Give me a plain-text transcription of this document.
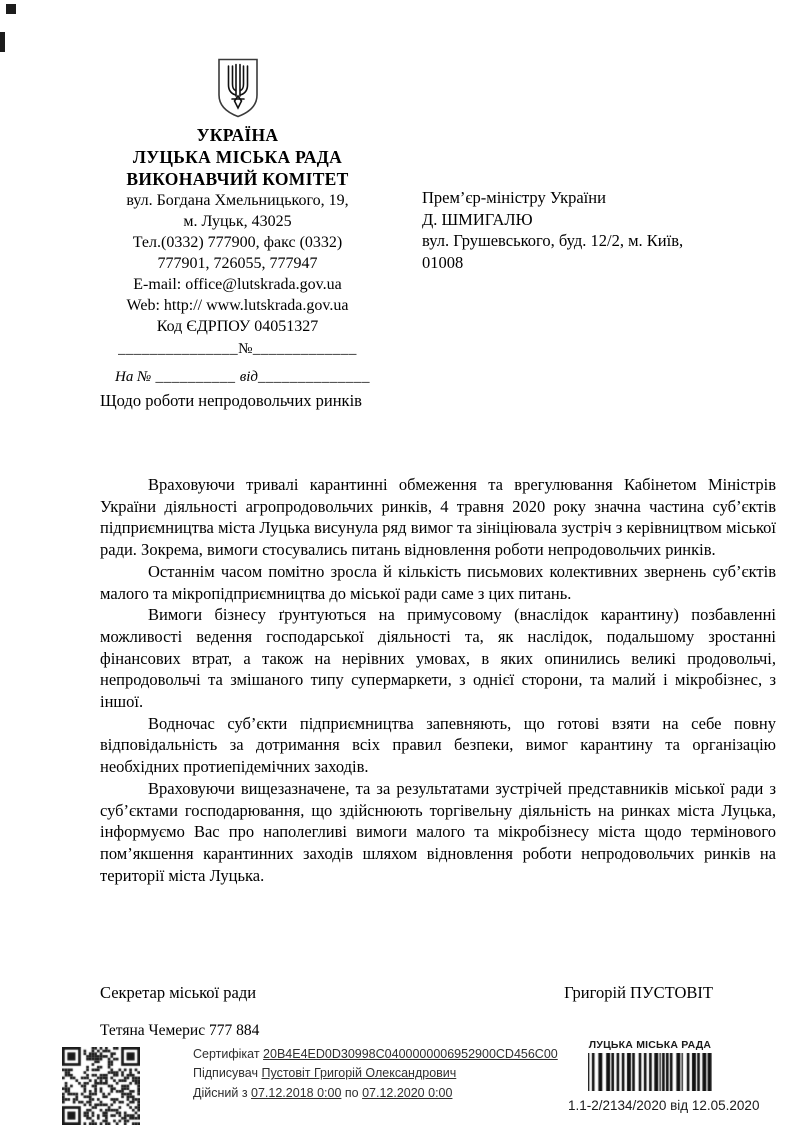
УКРАЇНА
ЛУЦЬКА МІСЬКА РАДА
ВИКОНАВЧИЙ КОМІТЕТ
вул. Богдана Хмельницького, 19,
м. Луцьк, 43025
Тел.(0332) 777900, факс (0332)
777901, 726055, 777947
E-mail: office@lutskrada.gov.ua
Web: http:// www.lutskrada.gov.ua
Код ЄДРПОУ 04051327
_______________№_____________
На № __________ від______________
Прем’єр-міністру України
Д. ШМИГАЛЮ
вул. Грушевського, буд. 12/2, м. Київ,
01008
Щодо роботи непродовольчих ринків

Враховуючи тривалі карантинні обмеження та врегулювання Кабінетом Міністрів України діяльності агропродовольчих ринків, 4 травня 2020 року значна частина суб’єктів підприємництва міста Луцька висунула ряд вимог та зініціювала зустріч з керівництвом міської ради. Зокрема, вимоги стосувались питань відновлення роботи непродовольчих ринків.

Останнім часом помітно зросла й кількість письмових колективних звернень суб’єктів малого та мікропідприємництва до міської ради саме з цих питань.

Вимоги бізнесу ґрунтуються на примусовому (внаслідок карантину) позбавленні можливості ведення господарської діяльності та, як наслідок, подальшому зростанні фінансових втрат, а також на нерівних умовах, в яких опинились великі продовольчі, непродовольчі та змішаного типу супермаркети, з однієї сторони, та малий і мікробізнес, з іншої.

Водночас суб’єкти підприємництва запевняють, що готові взяти на себе повну відповідальність за дотримання всіх правил безпеки, вимог карантину та організацію необхідних протиепідемічних заходів.

Враховуючи вищезазначене, та за результатами зустрічей представників міської ради з суб’єктами господарювання, що здійснюють торгівельну діяльність на ринках міста Луцька, інформуємо Вас про наполегливі вимоги малого та мікробізнесу міста щодо термінового пом’якшення карантинних заходів шляхом відновлення роботи непродовольчих ринків на території міста Луцька.

Секретар міської ради	Григорій ПУСТОВІТ
Тетяна Чемерис 777 884
Сертифікат 20B4E4ED0D30998C0400000006952900CD456C00
Підписувач Пустовіт Григорій Олександрович
Дійсний з 07.12.2018 0:00 по 07.12.2020 0:00
ЛУЦЬКА МІСЬКА РАДА
1.1-2/2134/2020 від 12.05.2020
